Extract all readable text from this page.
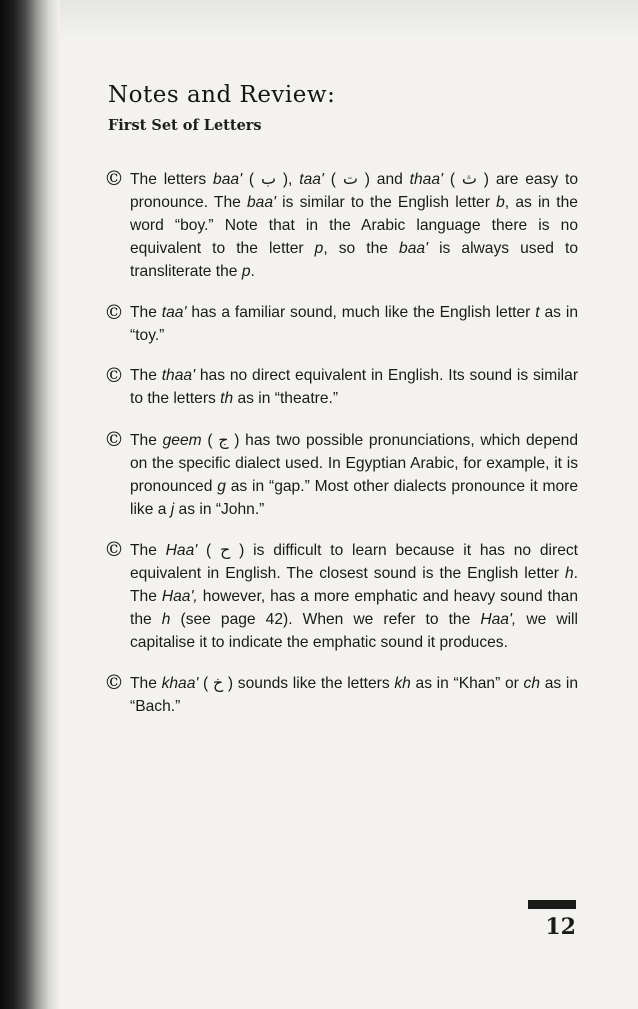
Notes and Review:
First Set of Letters

© The letters baa' ( ب ), taa' ( ت ) and thaa' ( ث ) are easy to pronounce. The baa' is similar to the English letter b, as in the word “boy.” Note that in the Arabic language there is no equivalent to the letter p, so the baa' is always used to transliterate the p.

© The taa' has a familiar sound, much like the English letter t as in “toy.”

© The thaa' has no direct equivalent in English. Its sound is similar to the letters th as in “theatre.”

© The geem ( ج ) has two possible pronunciations, which depend on the specific dialect used. In Egyptian Arabic, for example, it is pronounced g as in “gap.” Most other dialects pronounce it more like a j as in “John.”

© The Haa' ( ح ) is difficult to learn because it has no direct equivalent in English. The closest sound is the English letter h. The Haa', however, has a more emphatic and heavy sound than the h (see page 42). When we refer to the Haa', we will capitalise it to indicate the emphatic sound it produces.

© The khaa' ( خ ) sounds like the letters kh as in “Khan” or ch as in “Bach.”

12
